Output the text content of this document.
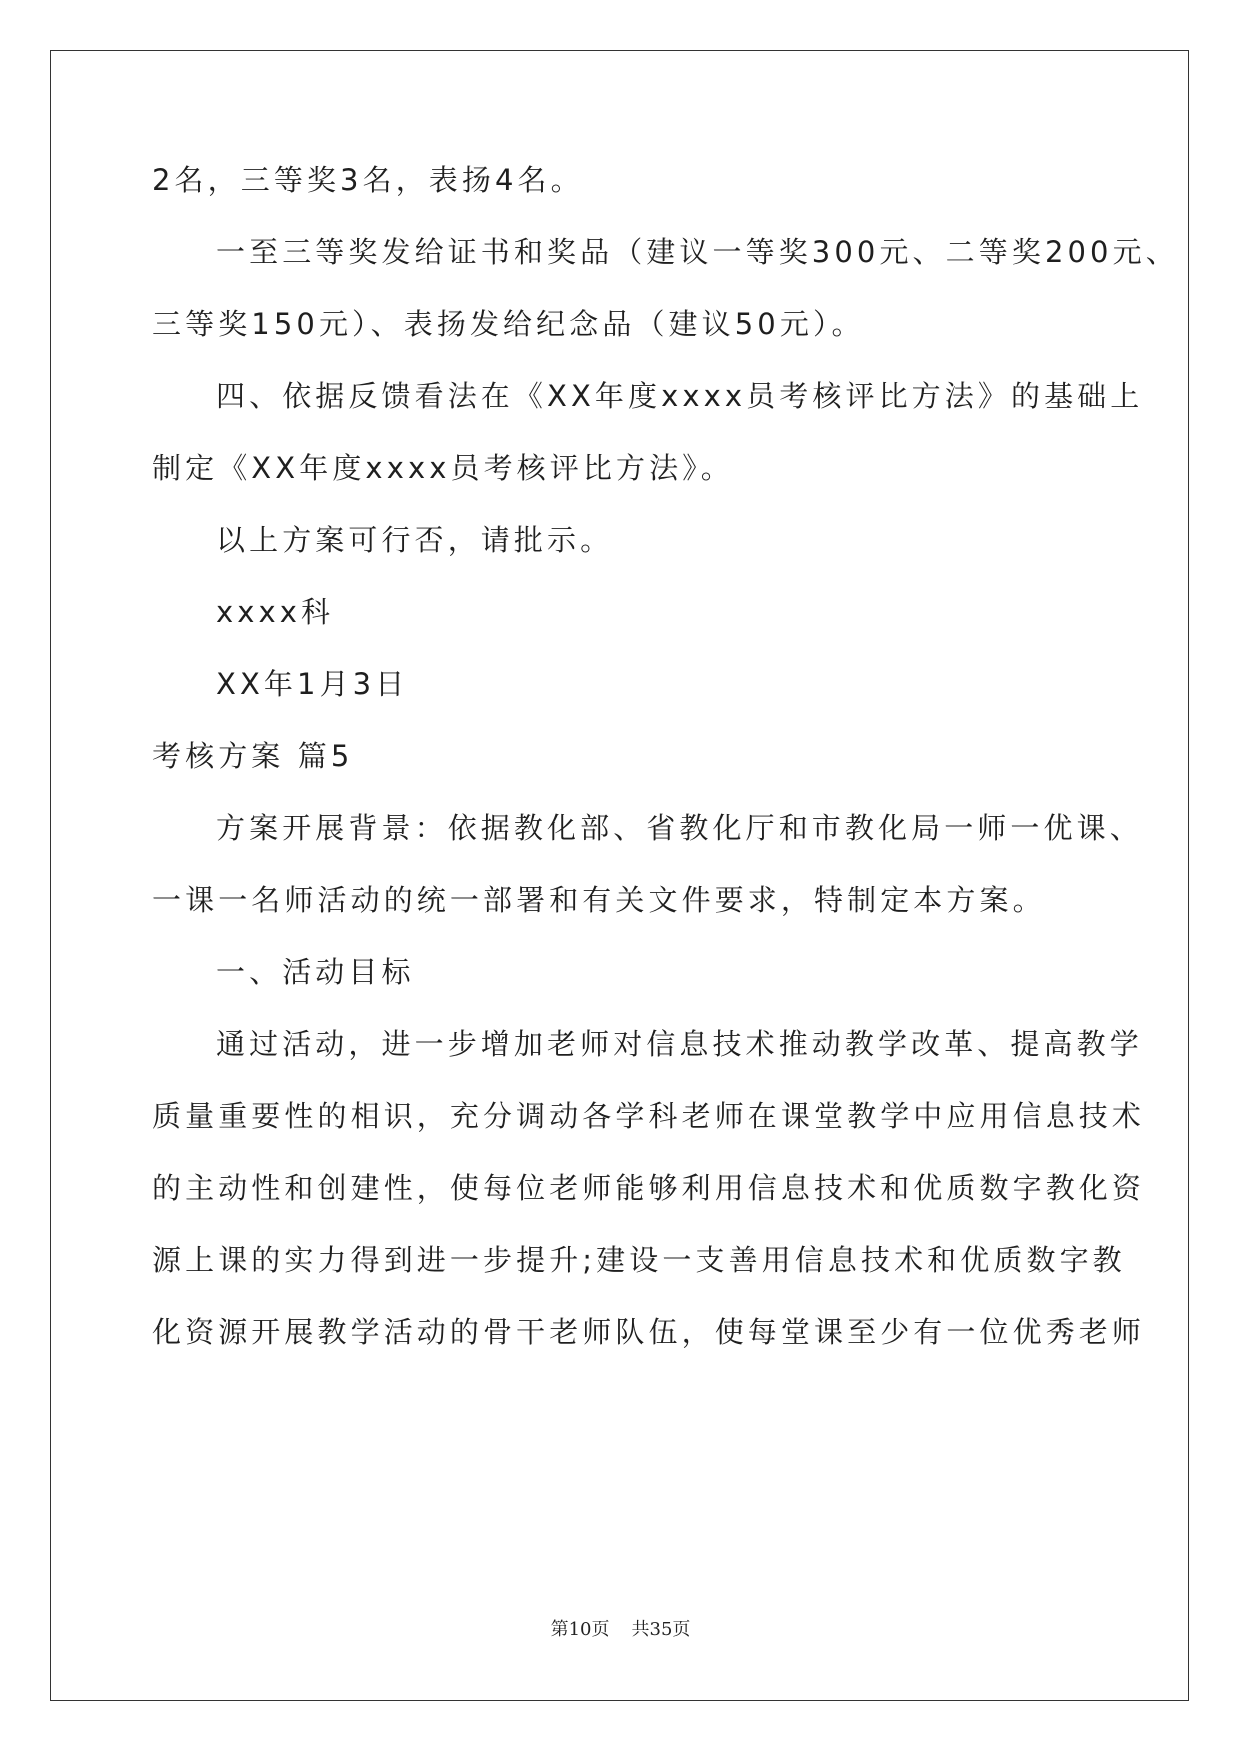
2名，三等奖3名，表扬4名。
一至三等奖发给证书和奖品（建议一等奖300元、二等奖200元、
三等奖150元）、表扬发给纪念品（建议50元）。
四、依据反馈看法在《XX年度xxxx员考核评比方法》的基础上
制定《XX年度xxxx员考核评比方法》。
以上方案可行否，请批示。
xxxx科
XX年1月3日
考核方案 篇5
方案开展背景：依据教化部、省教化厅和市教化局一师一优课、
一课一名师活动的统一部署和有关文件要求，特制定本方案。
一、活动目标
通过活动，进一步增加老师对信息技术推动教学改革、提高教学
质量重要性的相识，充分调动各学科老师在课堂教学中应用信息技术
的主动性和创建性，使每位老师能够利用信息技术和优质数字教化资
源上课的实力得到进一步提升;建设一支善用信息技术和优质数字教
化资源开展教学活动的骨干老师队伍，使每堂课至少有一位优秀老师
第10页 共35页
